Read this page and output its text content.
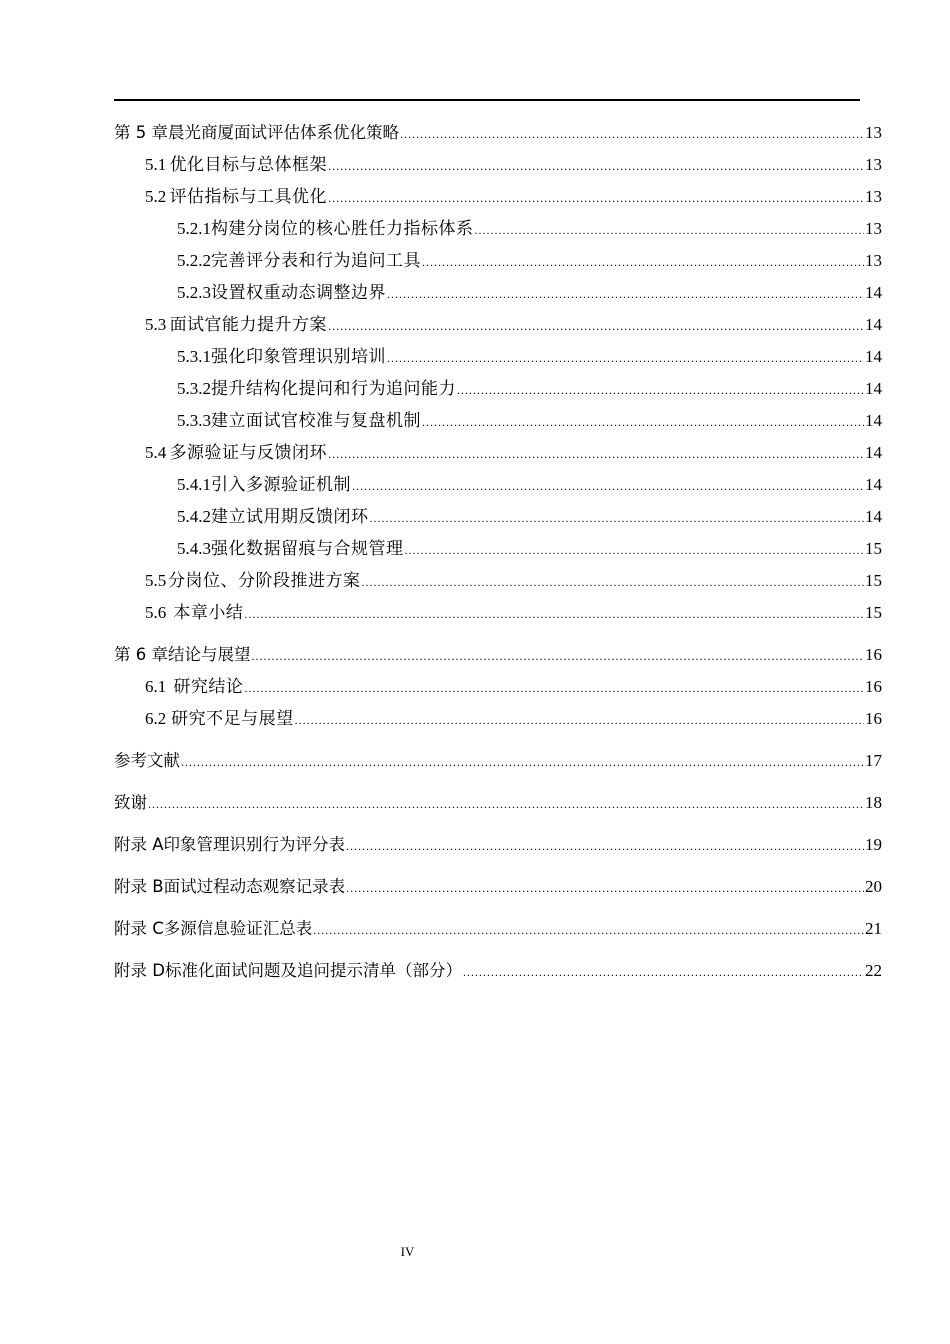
第 5 章 晨光商厦面试评估体系优化策略 .....	13
5.1 优化目标与总体框架 .....	13
5.2 评估指标与工具优化 .....	13
5.2.1 构建分岗位的核心胜任力指标体系 .....	13
5.2.2 完善评分表和行为追问工具 .....	13
5.2.3 设置权重动态调整边界 .....	14
5.3 面试官能力提升方案 .....	14
5.3.1 强化印象管理识别培训 .....	14
5.3.2 提升结构化提问和行为追问能力 .....	14
5.3.3 建立面试官校准与复盘机制 .....	14
5.4 多源验证与反馈闭环 .....	14
5.4.1 引入多源验证机制 .....	14
5.4.2 建立试用期反馈闭环 .....	14
5.4.3 强化数据留痕与合规管理 .....	15
5.5 分岗位、分阶段推进方案 .....	15
5.6 本章小结 .....	15
第 6 章 结论与展望 .....	16
6.1 研究结论 .....	16
6.2 研究不足与展望 .....	16
参考文献 .....	17
致谢 .....	18
附录 A 印象管理识别行为评分表 .....	19
附录 B 面试过程动态观察记录表 .....	20
附录 C 多源信息验证汇总表 .....	21
附录 D 标准化面试问题及追问提示清单（部分） .....	22
IV
